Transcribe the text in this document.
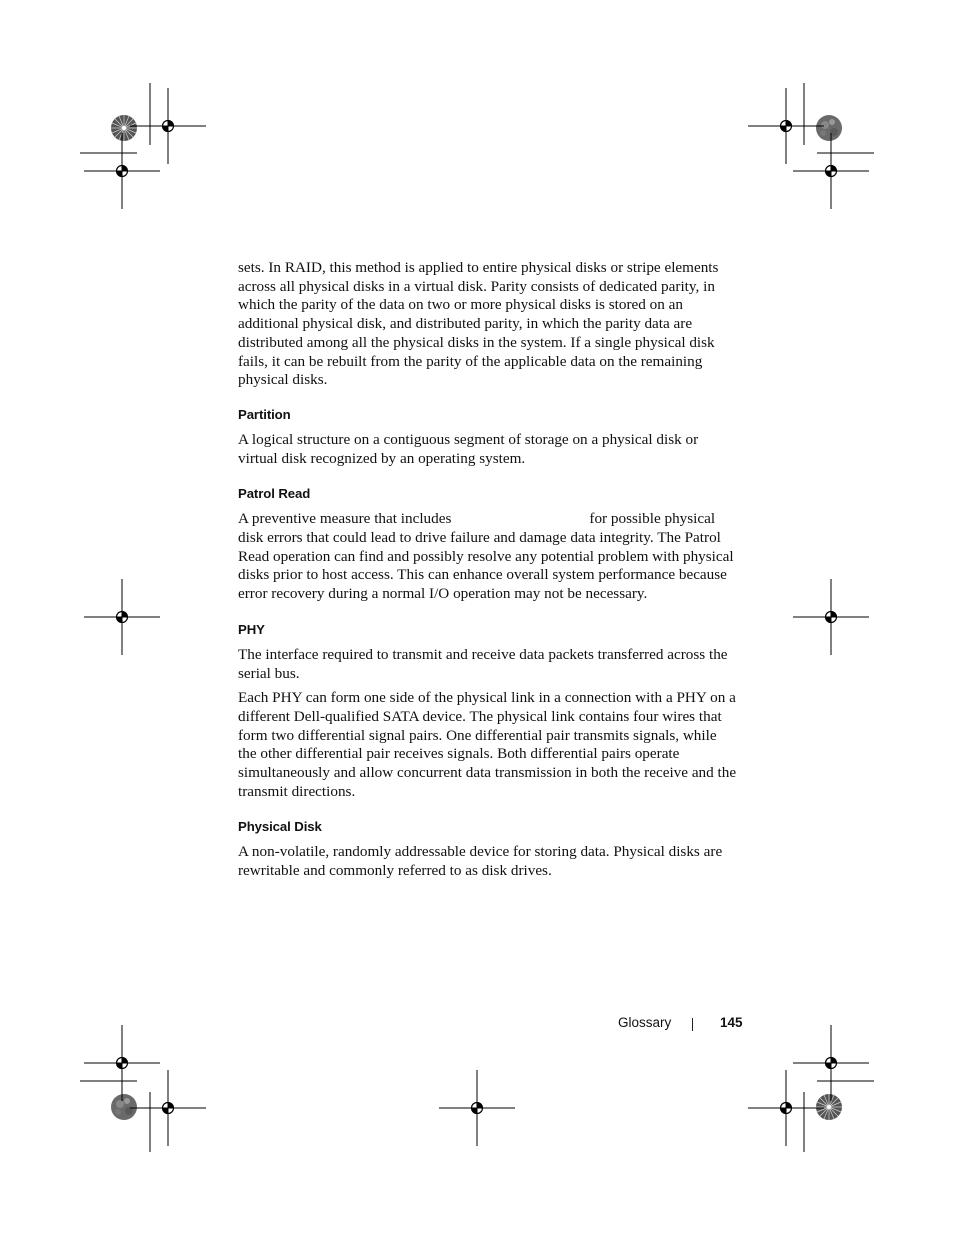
sets. In RAID, this method is applied to entire physical disks or stripe elements across all physical disks in a virtual disk. Parity consists of dedicated parity, in which the parity of the data on two or more physical disks is stored on an additional physical disk, and distributed parity, in which the parity data are distributed among all the physical disks in the system. If a single physical disk fails, it can be rebuilt from the parity of the applicable data on the remaining physical disks.

Partition

A logical structure on a contiguous segment of storage on a physical disk or virtual disk recognized by an operating system.

Patrol Read

A preventive measure that includes	for possible physical disk errors that could lead to drive failure and damage data integrity. The Patrol Read operation can find and possibly resolve any potential problem with physical disks prior to host access. This can enhance overall system performance because error recovery during a normal I/O operation may not be necessary.

PHY

The interface required to transmit and receive data packets transferred across the serial bus.

Each PHY can form one side of the physical link in a connection with a PHY on a different Dell-qualified SATA device. The physical link contains four wires that form two differential signal pairs. One differential pair transmits signals, while the other differential pair receives signals. Both differential pairs operate simultaneously and allow concurrent data transmission in both the receive and the transmit directions.

Physical Disk

A non-volatile, randomly addressable device for storing data. Physical disks are rewritable and commonly referred to as disk drives.

Glossary	145
